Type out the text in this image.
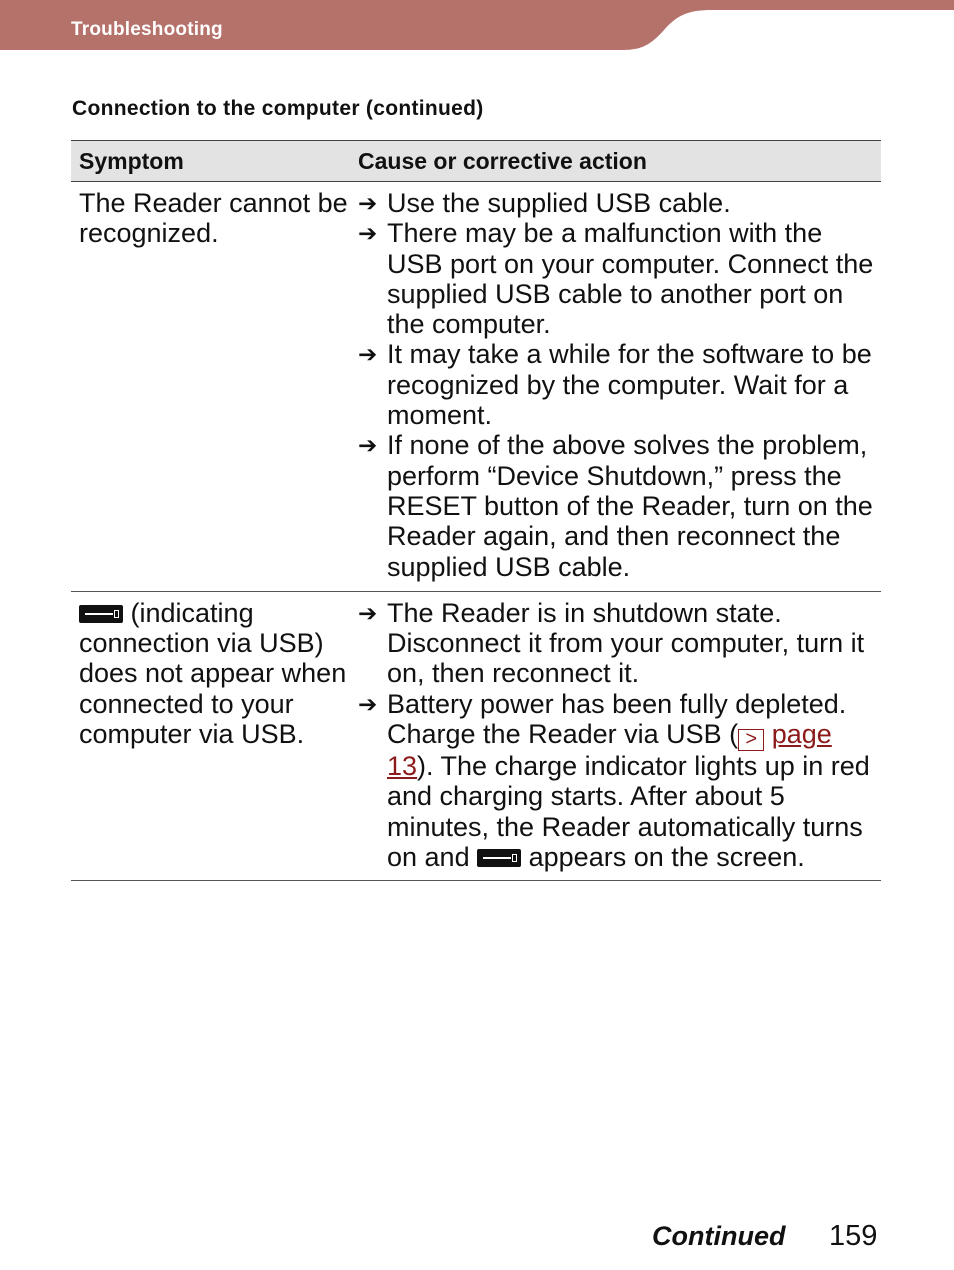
Troubleshooting
Connection to the computer (continued)
Symptom	Cause or corrective action
The Reader cannot be recognized.
➔ Use the supplied USB cable.
➔ There may be a malfunction with the USB port on your computer. Connect the supplied USB cable to another port on the computer.
➔ It may take a while for the software to be recognized by the computer. Wait for a moment.
➔ If none of the above solves the problem, perform “Device Shutdown,” press the RESET button of the Reader, turn on the Reader again, and then reconnect the supplied USB cable.
(indicating connection via USB) does not appear when connected to your computer via USB.
➔ The Reader is in shutdown state. Disconnect it from your computer, turn it on, then reconnect it.
➔ Battery power has been fully depleted. Charge the Reader via USB ( > page 13). The charge indicator lights up in red and charging starts. After about 5 minutes, the Reader automatically turns on and appears on the screen.
Continued 159
